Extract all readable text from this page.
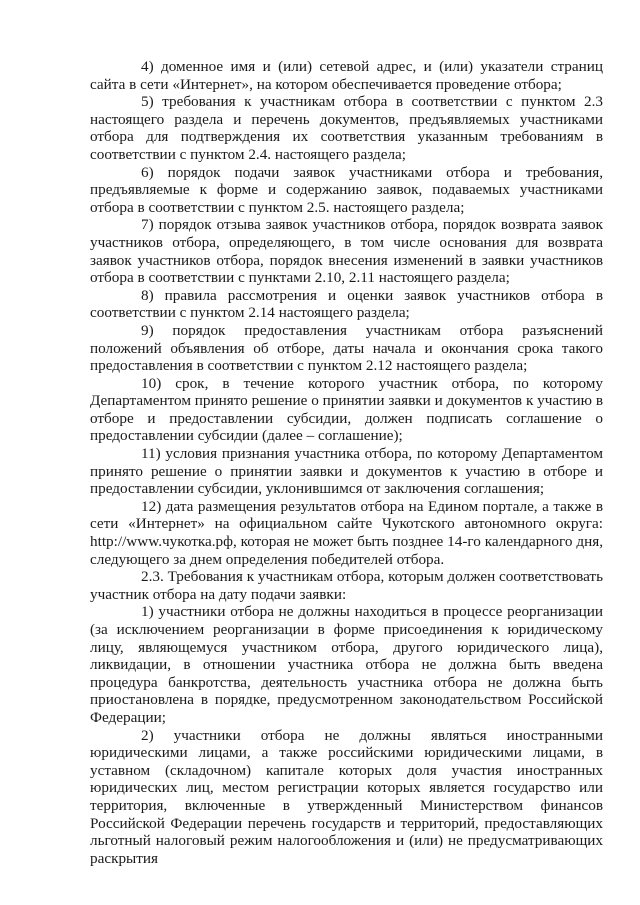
4) доменное имя и (или) сетевой адрес, и (или) указатели страниц сайта в сети «Интернет», на котором обеспечивается проведение отбора;

5) требования к участникам отбора в соответствии с пунктом 2.3 настоящего раздела и перечень документов, предъявляемых участниками отбора для подтверждения их соответствия указанным требованиям в соответствии с пунктом 2.4. настоящего раздела;

6) порядок подачи заявок участниками отбора и требования, предъявляемые к форме и содержанию заявок, подаваемых участниками отбора в соответствии с пунктом 2.5. настоящего раздела;

7) порядок отзыва заявок участников отбора, порядок возврата заявок участников отбора, определяющего, в том числе основания для возврата заявок участников отбора, порядок внесения изменений в заявки участников отбора в соответствии с пунктами 2.10, 2.11 настоящего раздела;

8) правила рассмотрения и оценки заявок участников отбора в соответствии с пунктом 2.14 настоящего раздела;

9) порядок предоставления участникам отбора разъяснений положений объявления об отборе, даты начала и окончания срока такого предоставления в соответствии с пунктом 2.12 настоящего раздела;

10) срок, в течение которого участник отбора, по которому Департаментом принято решение о принятии заявки и документов к участию в отборе и предоставлении субсидии, должен подписать соглашение о предоставлении субсидии (далее – соглашение);

11) условия признания участника отбора, по которому Департаментом принято решение о принятии заявки и документов к участию в отборе и предоставлении субсидии, уклонившимся от заключения соглашения;

12) дата размещения результатов отбора на Едином портале, а также в сети «Интернет» на официальном сайте Чукотского автономного округа: http://www.чукотка.рф, которая не может быть позднее 14-го календарного дня, следующего за днем определения победителей отбора.

2.3. Требования к участникам отбора, которым должен соответствовать участник отбора на дату подачи заявки:

1) участники отбора не должны находиться в процессе реорганизации (за исключением реорганизации в форме присоединения к юридическому лицу, являющемуся участником отбора, другого юридического лица), ликвидации, в отношении участника отбора не должна быть введена процедура банкротства, деятельность участника отбора не должна быть приостановлена в порядке, предусмотренном законодательством Российской Федерации;

2) участники отбора не должны являться иностранными юридическими лицами, а также российскими юридическими лицами, в уставном (складочном) капитале которых доля участия иностранных юридических лиц, местом регистрации которых является государство или территория, включенные в утвержденный Министерством финансов Российской Федерации перечень государств и территорий, предоставляющих льготный налоговый режим налогообложения и (или) не предусматривающих раскрытия
